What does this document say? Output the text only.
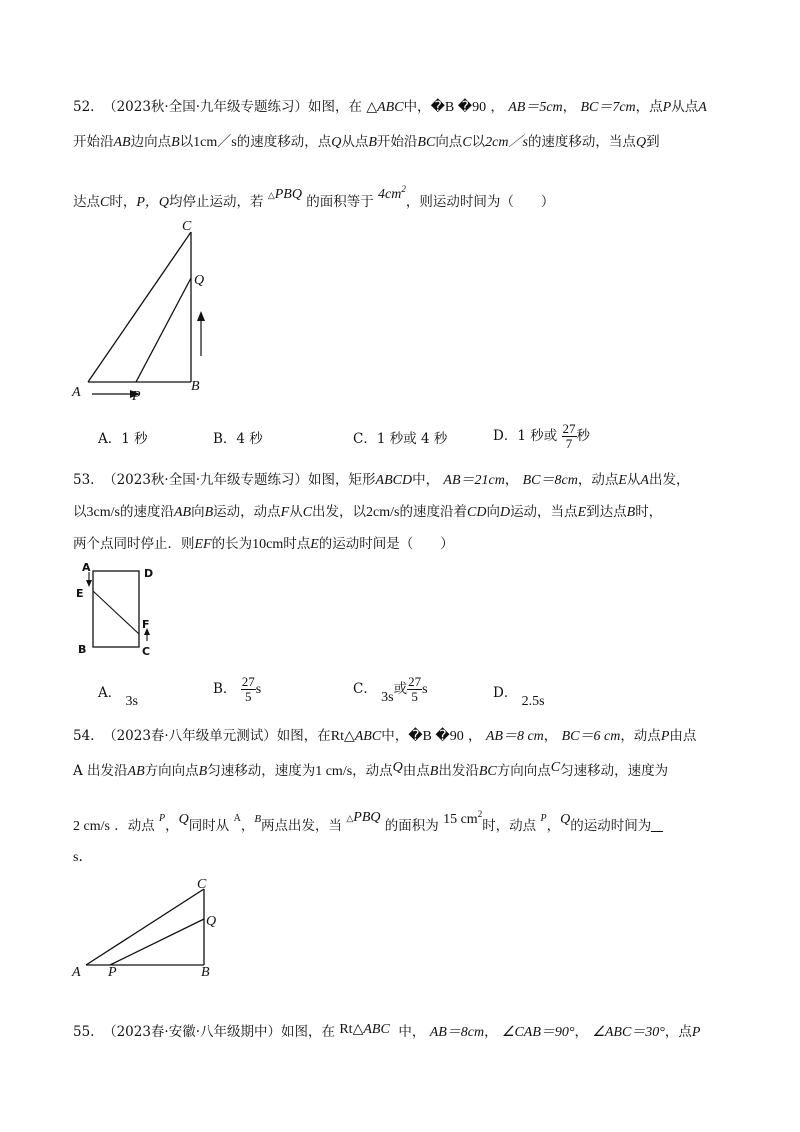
52. （2023秋·全国·九年级专题练习）如图，在 △ABC中，�B �90 ， AB＝5cm， BC＝7cm，点P从点A
开始沿AB边向点B以1cm／s的速度移动，点Q从点B开始沿BC向点C以2cm／s的速度移动，当点Q到
达点C时，P，Q均停止运动，若 △PBQ 的面积等于 $4cm^2$，则运动时间为（　　）
C
Q
A	B
P
A．1 秒	B．4 秒	C．1 秒或 4 秒	D．1 秒或 $\frac{27}{7}$ 秒
53. （2023秋·全国·九年级专题练习）如图，矩形ABCD中， AB＝21cm， BC＝8cm，动点E从A出发，
以3cm/s的速度沿AB向B运动，动点F从C出发，以2cm/s的速度沿着CD向D运动，当点E到达点B时，
两个点同时停止．则EF的长为10cm时点E的运动时间是（　　）
A	D
E
F
B	C
A． 3s
B． $\frac{27}{5}$ s	C． 3s或 $\frac{27}{5}$ s	D． 2.5s
54. （2023春·八年级单元测试）如图，在Rt△ABC中，�B �90 ， AB＝8 cm， BC＝6 cm，动点P由点
A 出发沿AB方向向点B匀速移动，速度为1 cm/s，动点Q由点B出发沿BC方向向点C匀速移动，速度为
2 cm/s ．动点 $^P$，Q同时从 $^A$，$^B$两点出发，当 △PBQ 的面积为 15 $cm^2$时，动点 $^P$，Q的运动时间为
s．
C
Q
A P	B
55. （2023春·安徽·八年级期中）如图，在 Rt△ABC 中， AB＝8cm， ∠CAB＝90°， ∠ABC＝30°，点P
